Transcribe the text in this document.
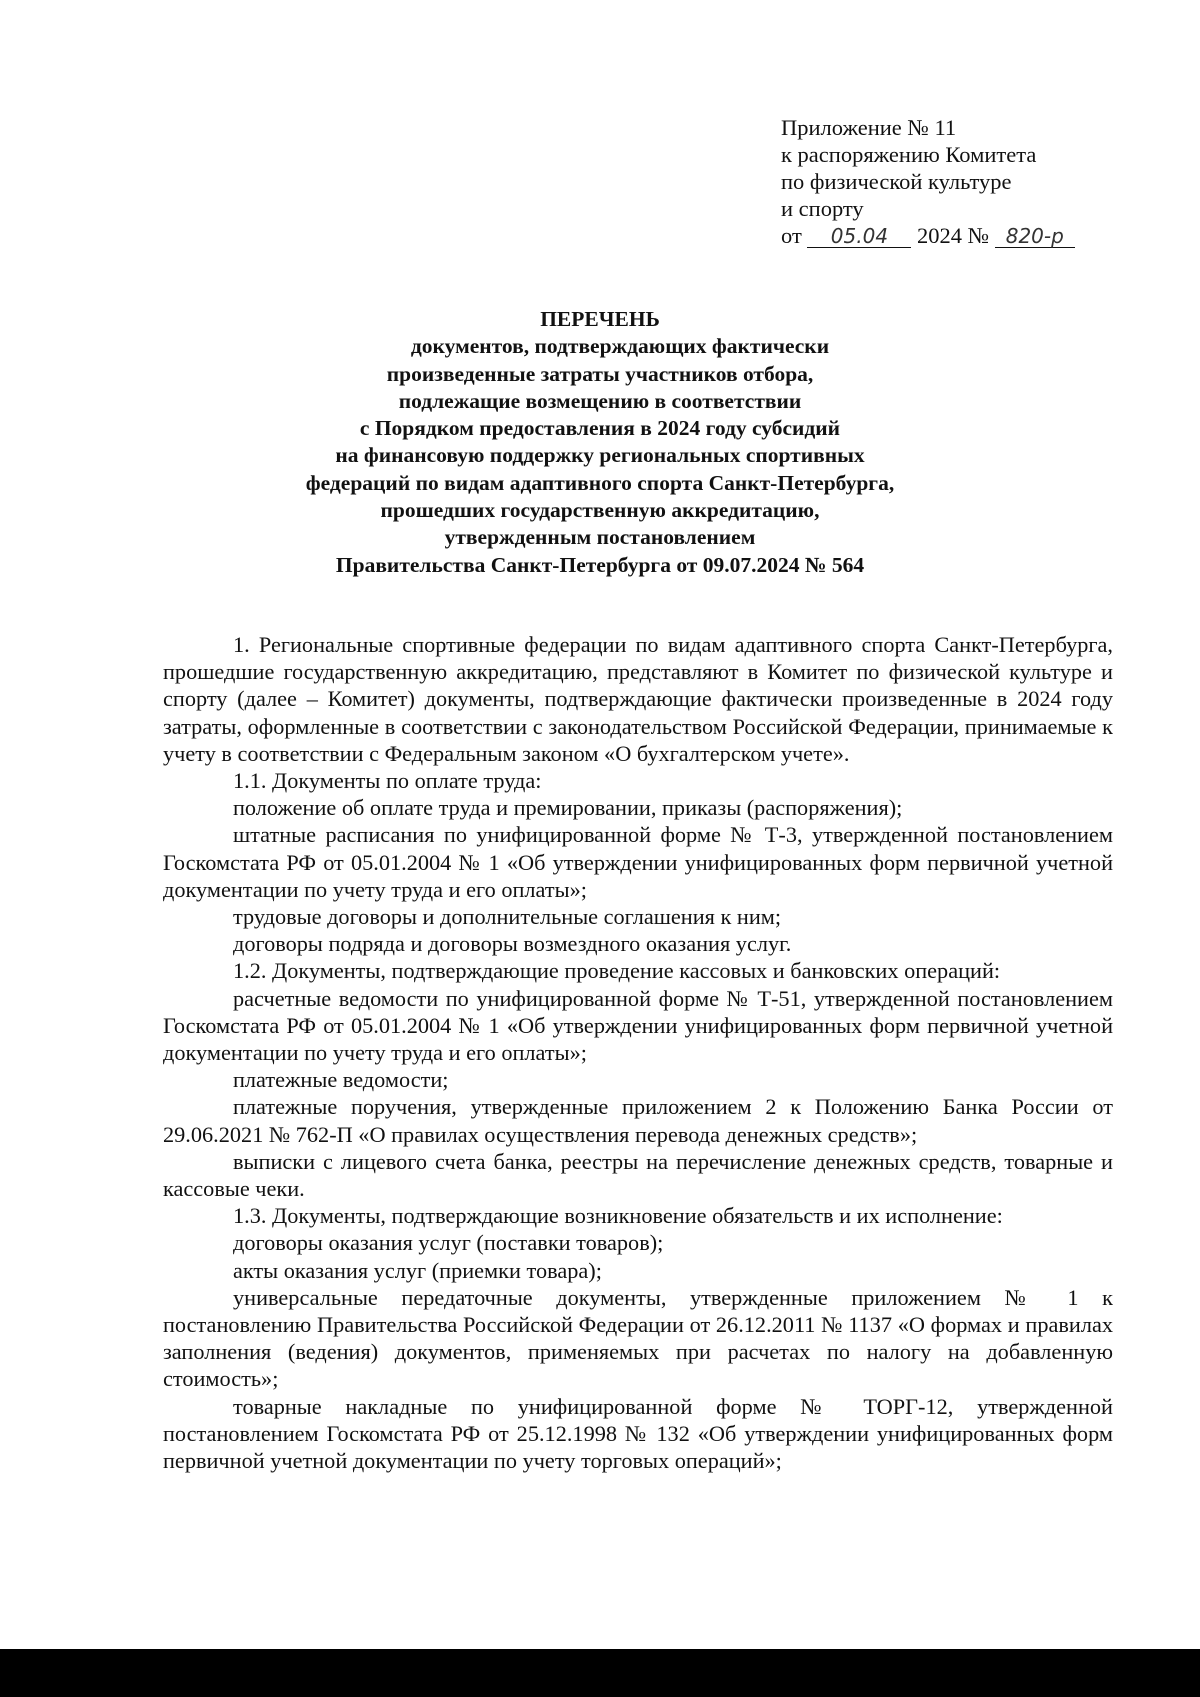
Приложение № 11
к распоряжению Комитета
по физической культуре
и спорту
от 05.04 2024 № 820-р
ПЕРЕЧЕНЬ
документов, подтверждающих фактически
произведенные затраты участников отбора,
подлежащие возмещению в соответствии
с Порядком предоставления в 2024 году субсидий
на финансовую поддержку региональных спортивных
федераций по видам адаптивного спорта Санкт-Петербурга,
прошедших государственную аккредитацию,
утвержденным постановлением
Правительства Санкт-Петербурга от 09.07.2024 № 564

1. Региональные спортивные федерации по видам адаптивного спорта Санкт-Петербурга, прошедшие государственную аккредитацию, представляют в Комитет по физической культуре и спорту (далее – Комитет) документы, подтверждающие фактически произведенные в 2024 году затраты, оформленные в соответствии с законодательством Российской Федерации, принимаемые к учету в соответствии с Федеральным законом «О бухгалтерском учете».

1.1. Документы по оплате труда:

положение об оплате труда и премировании, приказы (распоряжения);

штатные расписания по унифицированной форме № Т-3, утвержденной постановлением Госкомстата РФ от 05.01.2004 № 1 «Об утверждении унифицированных форм первичной учетной документации по учету труда и его оплаты»;

трудовые договоры и дополнительные соглашения к ним;

договоры подряда и договоры возмездного оказания услуг.

1.2. Документы, подтверждающие проведение кассовых и банковских операций:

расчетные ведомости по унифицированной форме № Т-51, утвержденной постановлением Госкомстата РФ от 05.01.2004 № 1 «Об утверждении унифицированных форм первичной учетной документации по учету труда и его оплаты»;

платежные ведомости;

платежные поручения, утвержденные приложением 2 к Положению Банка России от 29.06.2021 № 762-П «О правилах осуществления перевода денежных средств»;

выписки с лицевого счета банка, реестры на перечисление денежных средств, товарные и кассовые чеки.

1.3. Документы, подтверждающие возникновение обязательств и их исполнение:

договоры оказания услуг (поставки товаров);

акты оказания услуг (приемки товара);

универсальные передаточные документы, утвержденные приложением № 1 к постановлению Правительства Российской Федерации от 26.12.2011 № 1137 «О формах и правилах заполнения (ведения) документов, применяемых при расчетах по налогу на добавленную стоимость»;

товарные накладные по унифицированной форме № ТОРГ-12, утвержденной постановлением Госкомстата РФ от 25.12.1998 № 132 «Об утверждении унифицированных форм первичной учетной документации по учету торговых операций»;
